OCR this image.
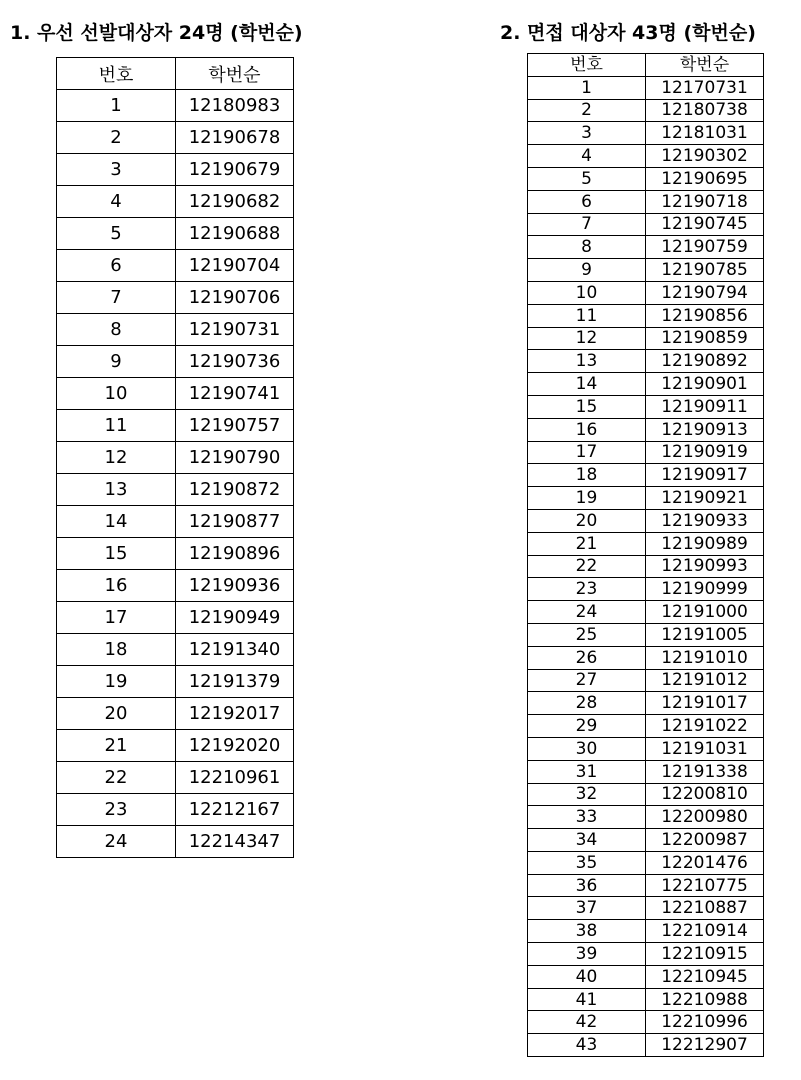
1. 우선 선발대상자 24명 (학번순)
번호	학번순
1	12180983
2	12190678
3	12190679
4	12190682
5	12190688
6	12190704
7	12190706
8	12190731
9	12190736
10	12190741
11	12190757
12	12190790
13	12190872
14	12190877
15	12190896
16	12190936
17	12190949
18	12191340
19	12191379
20	12192017
21	12192020
22	12210961
23	12212167
24	12214347
2. 면접 대상자 43명 (학번순)
번호	학번순
1	12170731
2	12180738
3	12181031
4	12190302
5	12190695
6	12190718
7	12190745
8	12190759
9	12190785
10	12190794
11	12190856
12	12190859
13	12190892
14	12190901
15	12190911
16	12190913
17	12190919
18	12190917
19	12190921
20	12190933
21	12190989
22	12190993
23	12190999
24	12191000
25	12191005
26	12191010
27	12191012
28	12191017
29	12191022
30	12191031
31	12191338
32	12200810
33	12200980
34	12200987
35	12201476
36	12210775
37	12210887
38	12210914
39	12210915
40	12210945
41	12210988
42	12210996
43	12212907
